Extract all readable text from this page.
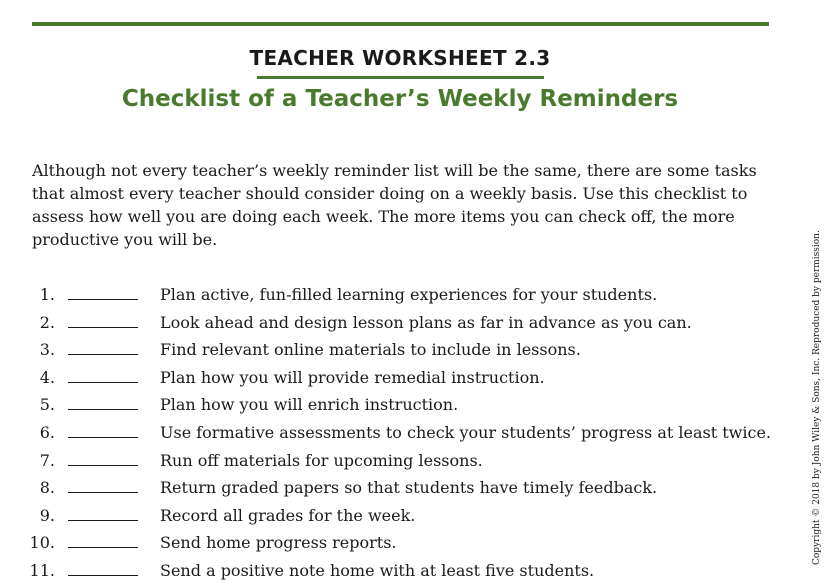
TEACHER WORKSHEET 2.3
Checklist of a Teacher’s Weekly Reminders

Although not every teacher’s weekly reminder list will be the same, there are some tasks that almost every teacher should consider doing on a weekly basis. Use this checklist to assess how well you are doing each week. The more items you can check off, the more productive you will be.

1.	Plan active, fun-filled learning experiences for your students.
2.	Look ahead and design lesson plans as far in advance as you can.
3.	Find relevant online materials to include in lessons.
4.	Plan how you will provide remedial instruction.
5.	Plan how you will enrich instruction.
6.	Use formative assessments to check your students’ progress at least twice.
7.	Run off materials for upcoming lessons.
8.	Return graded papers so that students have timely feedback.
9.	Record all grades for the week.
10.	Send home progress reports.
11.	Send a positive note home with at least five students.
Copyright © 2018 by John Wiley & Sons, Inc. Reproduced by permission.
